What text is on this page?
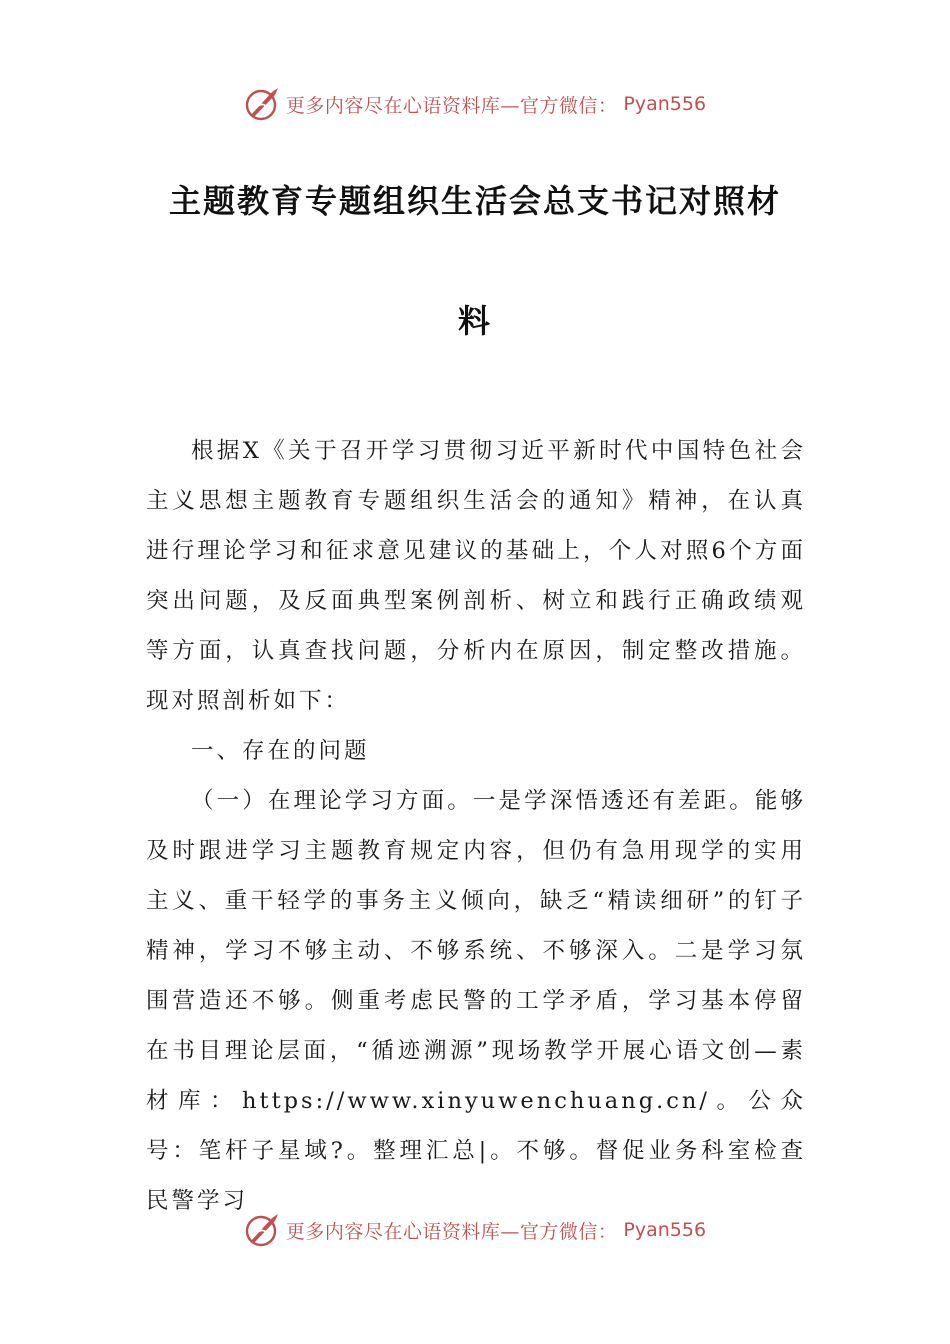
更多内容尽在心语资料库—官方微信： Pyan556
主题教育专题组织生活会总支书记对照材
料

根据X《关于召开学习贯彻习近平新时代中国特色社会主义思想主题教育专题组织生活会的通知》精神，在认真进行理论学习和征求意见建议的基础上，个人对照6个方面突出问题，及反面典型案例剖析、树立和践行正确政绩观等方面，认真查找问题，分析内在原因，制定整改措施。现对照剖析如下：

一、存在的问题

（一）在理论学习方面。一是学深悟透还有差距。能够及时跟进学习主题教育规定内容，但仍有急用现学的实用主义、重干轻学的事务主义倾向，缺乏“精读细研”的钉子精神，学习不够主动、不够系统、不够深入。二是学习氛围营造还不够。侧重考虑民警的工学矛盾，学习基本停留在书目理论层面，“循迹溯源”现场教学开展心语文创—素材库：https://www.xinyuwenchuang.cn/。公众号：笔杆子星域?。整理汇总|。不够。督促业务科室检查民警学习

更多内容尽在心语资料库—官方微信： Pyan556
